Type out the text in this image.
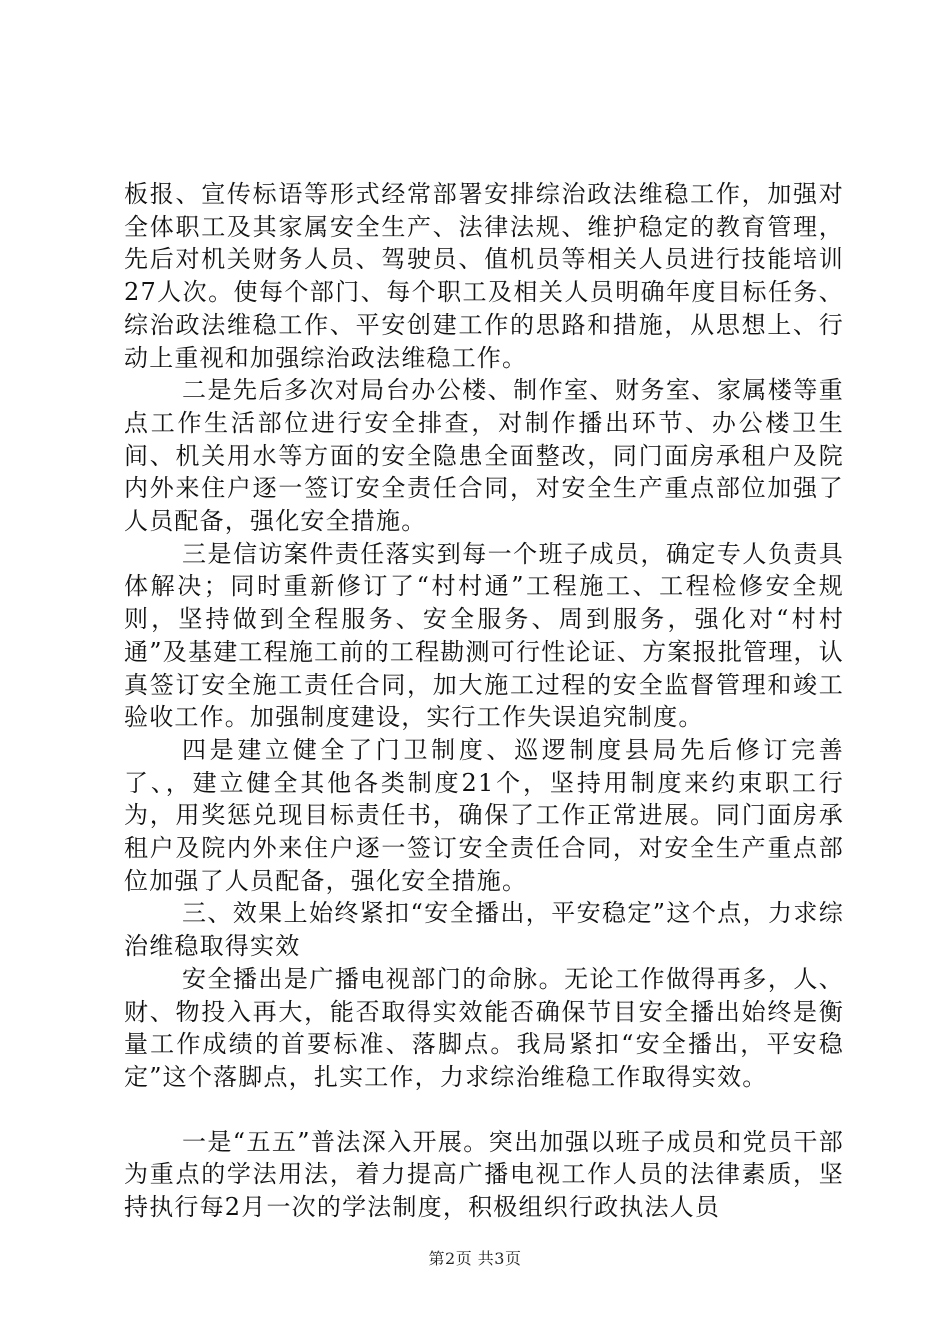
板报、宣传标语等形式经常部署安排综治政法维稳工作，加强对全体职工及其家属安全生产、法律法规、维护稳定的教育管理，先后对机关财务人员、驾驶员、值机员等相关人员进行技能培训27人次。使每个部门、每个职工及相关人员明确年度目标任务、综治政法维稳工作、平安创建工作的思路和措施，从思想上、行动上重视和加强综治政法维稳工作。

二是先后多次对局台办公楼、制作室、财务室、家属楼等重点工作生活部位进行安全排查，对制作播出环节、办公楼卫生间、机关用水等方面的安全隐患全面整改，同门面房承租户及院内外来住户逐一签订安全责任合同，对安全生产重点部位加强了人员配备，强化安全措施。

三是信访案件责任落实到每一个班子成员，确定专人负责具体解决；同时重新修订了“村村通”工程施工、工程检修安全规则，坚持做到全程服务、安全服务、周到服务，强化对“村村通”及基建工程施工前的工程勘测可行性论证、方案报批管理，认真签订安全施工责任合同，加大施工过程的安全监督管理和竣工验收工作。加强制度建设，实行工作失误追究制度。

四是建立健全了门卫制度、巡逻制度县局先后修订完善了、，建立健全其他各类制度21个，坚持用制度来约束职工行为，用奖惩兑现目标责任书，确保了工作正常进展。同门面房承租户及院内外来住户逐一签订安全责任合同，对安全生产重点部位加强了人员配备，强化安全措施。

三、效果上始终紧扣“安全播出，平安稳定”这个点，力求综治维稳取得实效

安全播出是广播电视部门的命脉。无论工作做得再多，人、财、物投入再大，能否取得实效能否确保节目安全播出始终是衡量工作成绩的首要标准、落脚点。我局紧扣“安全播出，平安稳定”这个落脚点，扎实工作，力求综治维稳工作取得实效。

一是“五五”普法深入开展。突出加强以班子成员和党员干部为重点的学法用法，着力提高广播电视工作人员的法律素质，坚持执行每2月一次的学法制度，积极组织行政执法人员

第2页 共3页
